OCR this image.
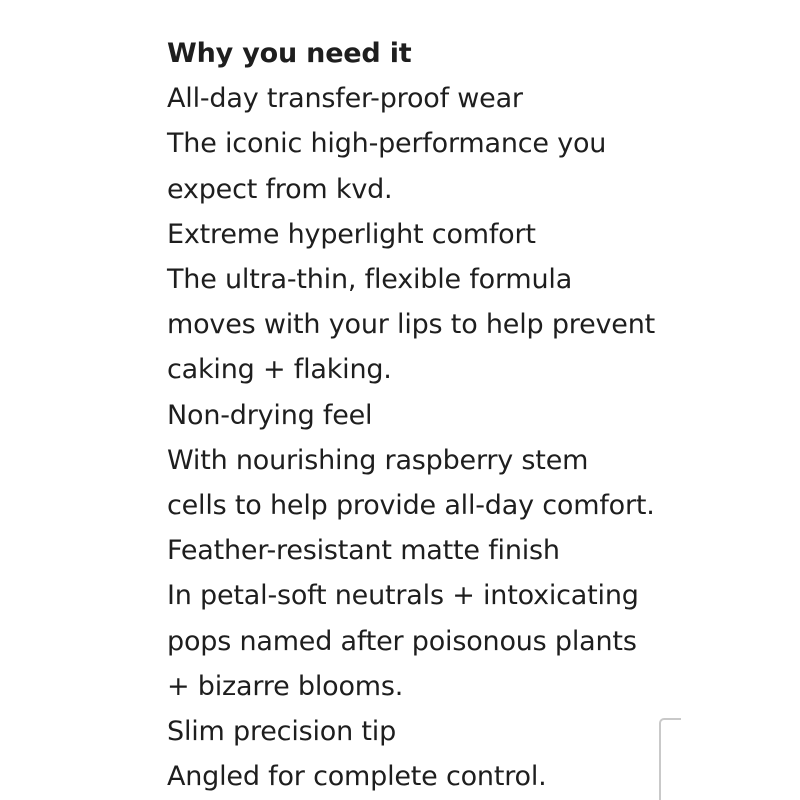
Why you need it
All-day transfer-proof wear
The iconic high-performance you
expect from kvd.
Extreme hyperlight comfort
The ultra-thin, flexible formula
moves with your lips to help prevent
caking + flaking.
Non-drying feel
With nourishing raspberry stem
cells to help provide all-day comfort.
Feather-resistant matte finish
In petal-soft neutrals + intoxicating
pops named after poisonous plants
+ bizarre blooms.
Slim precision tip
Angled for complete control.
